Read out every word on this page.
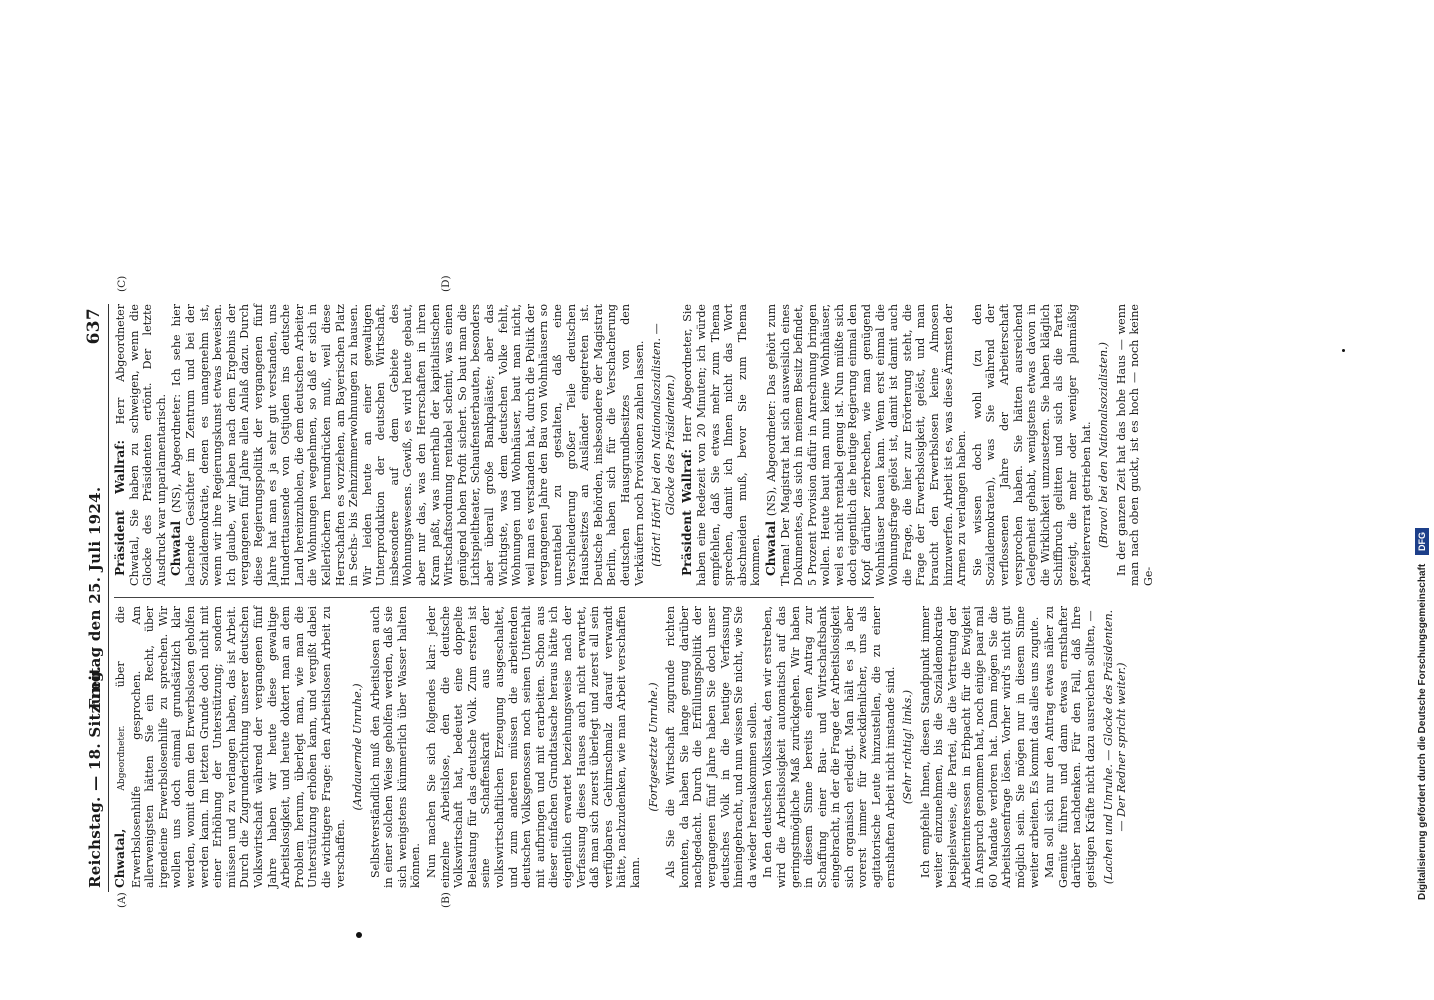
Reichstag. — 18. Sitzung.
Freitag den 25. Juli 1924.
637

Chwatal, Abgeordneter. über die Erwerbslosenhilfe gesprochen. Am allerwenigsten hätten Sie ein Recht, über irgendeine Erwerbslosenhilfe zu sprechen. Wir wollen uns doch einmal grundsätzlich klar werden, womit denn den Erwerbslosen geholfen werden kann. Im letzten Grunde doch nicht mit einer Erhöhung der Unterstützung; sondern müssen und zu verlangen haben, das ist Arbeit. Durch die Zugrunderichtung unserer deutschen Volkswirtschaft während der vergangenen fünf Jahre haben wir heute diese gewaltige Arbeitslosigkeit, und heute doktert man an dem Problem herum, überlegt man, wie man die Unterstützung erhöhen kann, und vergißt dabei die wichtigere Frage: den Arbeitslosen Arbeit zu verschaffen.

(Andauernde Unruhe.) Selbstverständlich muß den Arbeitslosen auch in einer solchen Weise geholfen werden, daß sie sich wenigstens kümmerlich über Wasser halten können. Nun machen Sie sich folgendes klar: jeder einzelne Arbeitslose, den die deutsche Volkswirtschaft hat, bedeutet eine doppelte Belastung für das deutsche Volk. Zum ersten ist seine Schaffenskraft aus der volkswirtschaftlichen Erzeugung ausgeschaltet, und zum anderen müssen die arbeitenden deutschen Volksgenossen noch seinen Unterhalt mit aufbringen und mit erarbeiten. Schon aus dieser einfachen Grundtatsache heraus hätte ich eigentlich erwartet beziehungsweise nach der Verfassung dieses Hauses auch nicht erwartet, daß man sich zuerst überlegt und zuerst all sein verfügbares Gehirnschmalz darauf verwandt hätte, nachzudenken, wie man Arbeit verschaffen kann.

(Fortgesetzte Unruhe.) Als Sie die Wirtschaft zugrunde richten konnten, da haben Sie lange genug darüber nachgedacht. Durch die Erfüllungspolitik der vergangenen fünf Jahre haben Sie doch unser deutsches Volk in die heutige Verfassung hineingebracht, und nun wissen Sie nicht, wie Sie da wieder herauskommen sollen. In den deutschen Volksstaat, den wir erstreben, wird die Arbeitslosigkeit automatisch auf das geringstmögliche Maß zurückgehen. Wir haben in diesem Sinne bereits einen Antrag zur Schaffung einer Bau- und Wirtschaftsbank eingebracht, in der die Frage der Arbeitslosigkeit sich organisch erledigt. Man hält es ja aber vorerst immer für zweckdienlicher, uns als agitatorische Leute hinzustellen, die zu einer ernsthaften Arbeit nicht imstande sind. (Sehr richtig! links.) Ich empfehle Ihnen, diesen Standpunkt immer weiter einzunehmen, bis die Sozialdemokratie beispielsweise, die Partei, die die Vertretung der Arbeiterinteressen in Erbpacht für die Ewigkeit in Anspruch genommen hat, noch einige paar mal 60 Mandate verloren hat. Dann mögen Sie die Arbeitslosenfrage lösen. Vorher wird's nicht gut möglich sein. Sie mögen nur in diesem Sinne weiter arbeiten. Es kommt das alles uns zugute. Man soll sich nur den Antrag etwas näher zu Gemüte führen und dann etwas ernsthafter darüber nachdenken. Für den Fall, daß Ihre geistigen Kräfte nicht dazu ausreichen sollten, — (Lachen und Unruhe. — Glocke des Präsidenten. — Der Redner spricht weiter.)

Präsident Wallraf: Herr Abgeordneter Chwatal, Sie haben zu schweigen, wenn die Glocke des Präsidenten ertönt. Der letzte Ausdruck war unparlamentarisch. Chwatal (NS), Abgeordneter: Ich sehe hier lachende Gesichter im Zentrum und bei der Sozialdemokratie, denen es unangenehm ist, wenn wir ihre Regierungskunst etwas beweisen. Ich glaube, wir haben nach dem Ergebnis der vergangenen fünf Jahre allen Anlaß dazu. Durch diese Regierungspolitik der vergangenen fünf Jahre hat man es ja sehr gut verstanden, uns Hunderttausende von Ostjuden ins deutsche Land hereinzuholen, die dem deutschen Arbeiter die Wohnungen wegnehmen, so daß er sich in Kellerlöchern herumdrücken muß, weil diese Herrschaften es vorziehen, am Bayerischen Platz in Sechs- bis Zehnzimmerwohnungen zu hausen. Wir leiden heute an einer gewaltigen Unterproduktion der deutschen Wirtschaft, insbesondere auf dem Gebiete des Wohnungswesens. Gewiß, es wird heute gebaut, aber nur das, was den Herrschaften in ihren Kram paßt, was innerhalb der kapitalistischen Wirtschaftsordnung rentabel scheint, was einen genügend hohen Profit sichert. So baut man die Lichtspieltheater, Schaufensterbauten, besonders aber überall große Bankpaläste; aber das Wichtigste, was dem deutschen Volke fehlt, Wohnungen und Wohnhäuser, baut man nicht, weil man es verstanden hat, durch die Politik der vergangenen Jahre den Bau von Wohnhäusern so unrentabel zu gestalten, daß eine Verschleuderung großer Teile deutschen Hausbesitzes an Ausländer eingetreten ist. Deutsche Behörden, insbesondere der Magistrat Berlin, haben sich für die Verschacherung deutschen Hausgrundbesitzes von den Verkäufern noch Provisionen zahlen lassen. (Hört! Hört! bei den Nationalsozialisten. — Glocke des Präsidenten.) Präsident Wallraf: Herr Abgeordneter, Sie haben eine Redezeit von 20 Minuten; ich würde empfehlen, daß Sie etwas mehr zum Thema sprechen, damit ich Ihnen nicht das Wort abschneiden muß, bevor Sie zum Thema kommen. Chwatal (NS), Abgeordneter: Das gehört zum Thema! Der Magistrat hat sich ausweislich eines Dokumentes, das sich in meinem Besitz befindet, 5 Prozent Provision dafür in Anrechnung bringen wollen. Heute baut man nun keine Wohnhäuser, weil es nicht rentabel genug ist. Nun müßte sich doch eigentlich die heutige Regierung einmal den Kopf darüber zerbrechen, wie man genügend Wohnhäuser bauen kann. Wenn erst einmal die Wohnungsfrage gelöst ist, damit ist damit auch die Frage, die hier zur Erörterung steht, die Frage der Erwerbslosigkeit, gelöst, und man braucht den Erwerbslosen keine Almosen hinzuwerfen. Arbeit ist es, was diese Ärmsten der Armen zu verlangen haben. Sie wissen doch wohl (zu den Sozialdemokraten), was Sie während der verflossenen Jahre der Arbeiterschaft versprochen haben. Sie hätten ausreichend Gelegenheit gehabt, wenigstens etwas davon in die Wirklichkeit umzusetzen. Sie haben kläglich Schiffbruch gelitten und sich als die Partei gezeigt, die mehr oder weniger planmäßig Arbeiterverrat getrieben hat. (Bravo! bei den Nationalsozialisten.) In der ganzen Zeit hat das hohe Haus — wenn man nach oben guckt, ist es hoch — noch keine Ge-

(A)	(B)
(C)	(D)
Digitalisierung gefördert durch die Deutsche Forschungsgemeinschaft DFG
